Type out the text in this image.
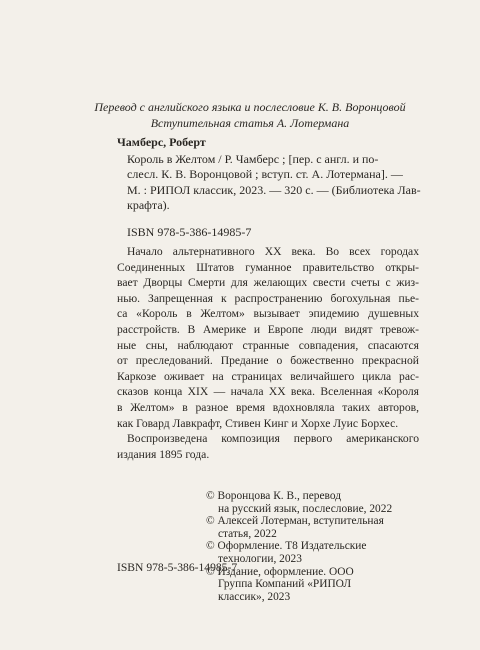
Перевод с английского языка и послесловие К. В. Воронцовой
Вступительная статья А. Лотермана
Чамберс, Роберт
Король в Желтом / Р. Чамберс ; [пер. с англ. и по-
слесл. К. В. Воронцовой ; вступ. ст. А. Лотермана]. —
М. : РИПОЛ классик, 2023. — 320 с. — (Библиотека Лав-
крафта).
ISBN 978-5-386-14985-7
Начало альтернативного XX века. Во всех городах
Соединенных Штатов гуманное правительство откры-
вает Дворцы Смерти для желающих свести счеты с жиз-
нью. Запрещенная к распространению богохульная пье-
са «Король в Желтом» вызывает эпидемию душевных
расстройств. В Америке и Европе люди видят тревож-
ные сны, наблюдают странные совпадения, спасаются
от преследований. Предание о божественно прекрасной
Каркозе оживает на страницах величайшего цикла рас-
сказов конца XIX — начала XX века. Вселенная «Короля
в Желтом» в разное время вдохновляла таких авторов,
как Говард Лавкрафт, Стивен Кинг и Хорхе Луис Борхес.
Воспроизведена композиция первого американского
издания 1895 года.
ISBN 978-5-386-14985-7
© Воронцова К. В., перевод
на русский язык, послесловие, 2022
© Алексей Лотерман, вступительная
статья, 2022
© Оформление. Т8 Издательские
технологии, 2023
© Издание, оформление. ООО
Группа Компаний «РИПОЛ
классик», 2023
